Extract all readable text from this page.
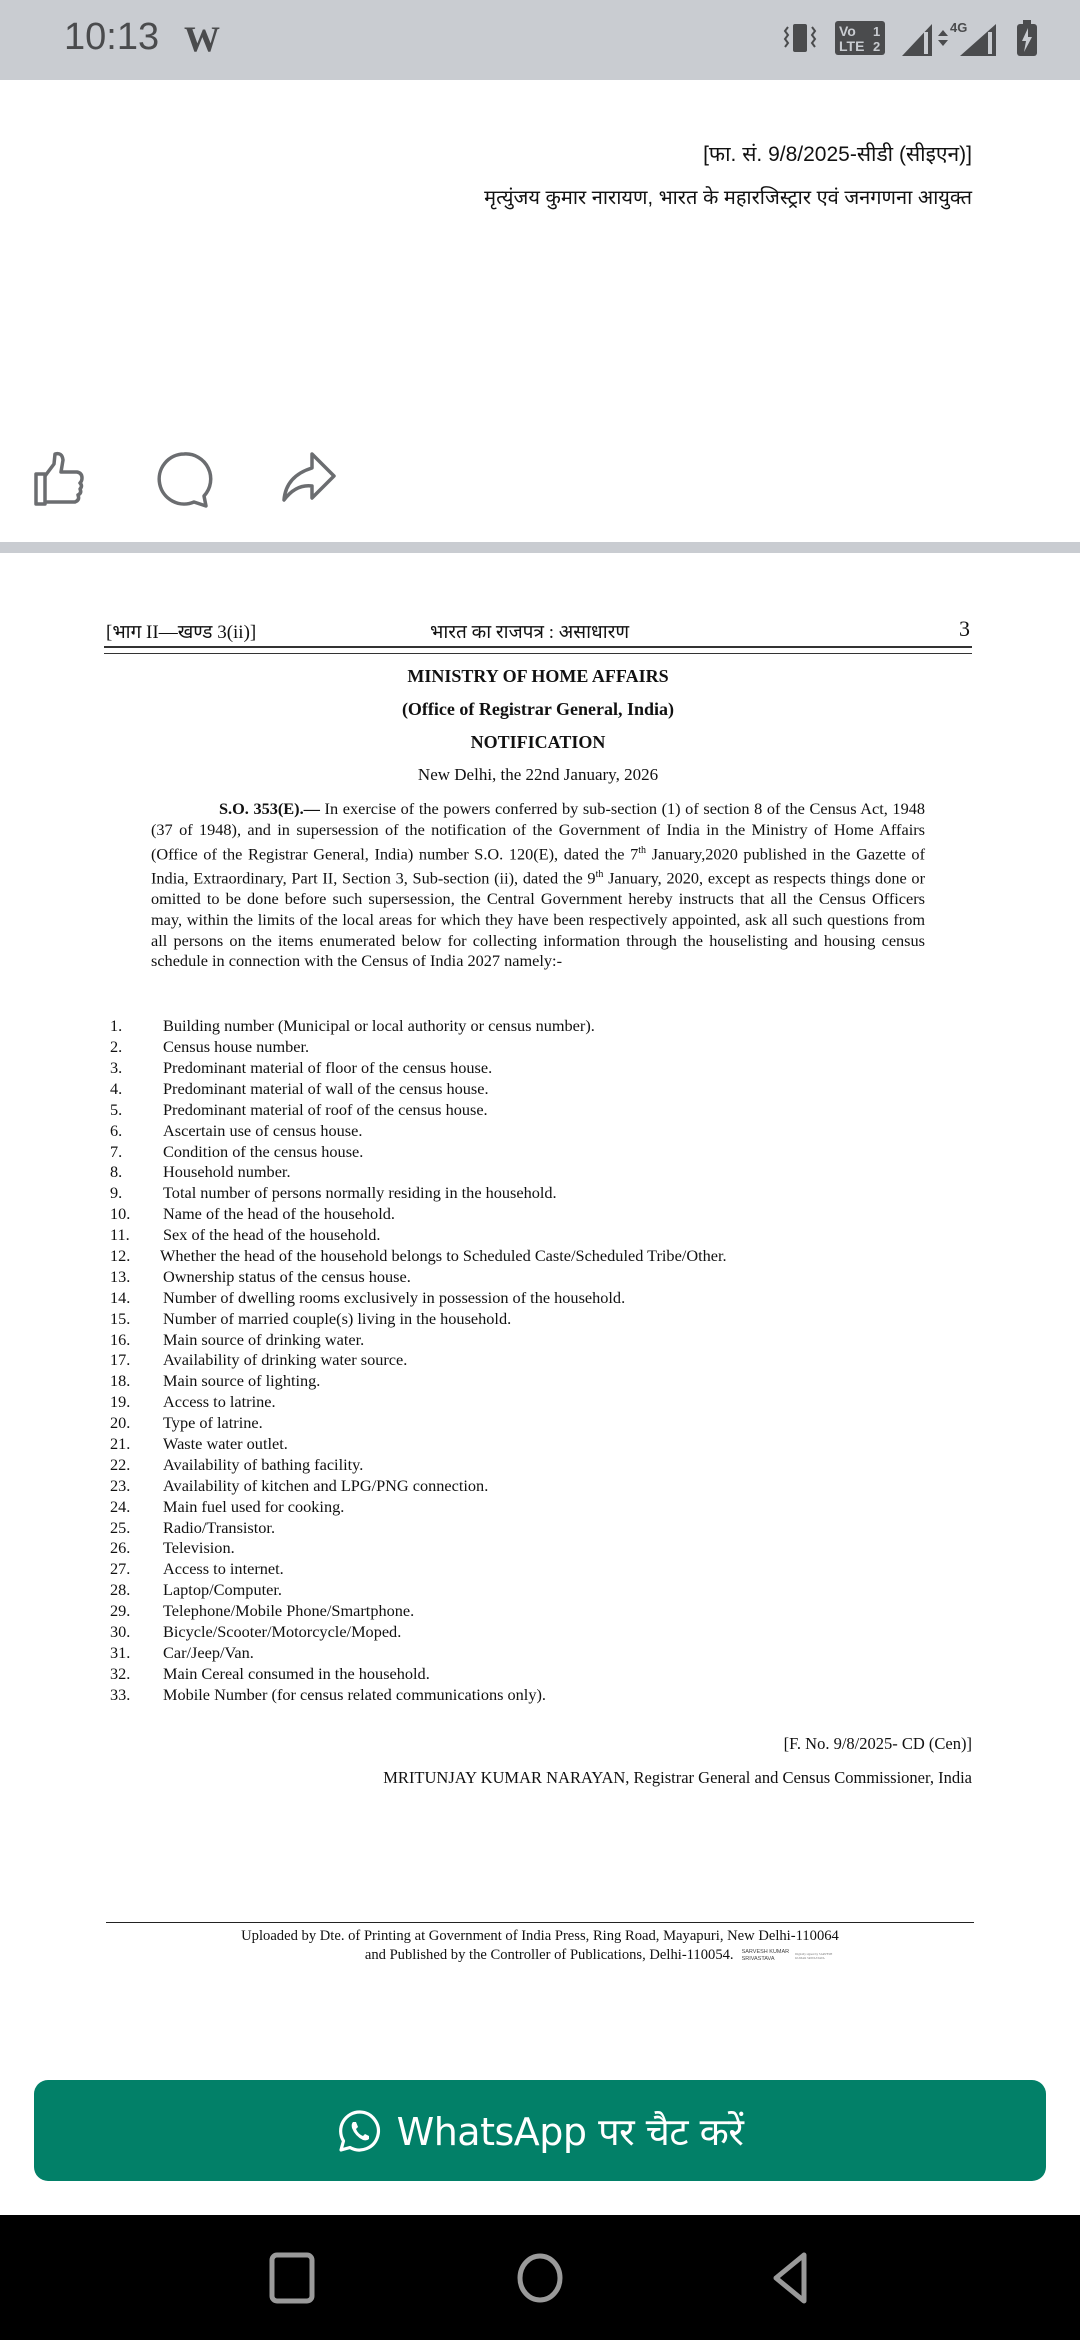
10:13 W	Vo 1
LTE 2
4G
[फा. सं. 9/8/2025-सीडी (सीइएन)]
मृत्युंजय कुमार नारायण, भारत के महारजिस्ट्रार एवं जनगणना आयुक्त
[भाग II—खण्ड 3(ii)]	भारत का राजपत्र : असाधारण	3
MINISTRY OF HOME AFFAIRS
(Office of Registrar General, India)
NOTIFICATION
New Delhi, the 22nd January, 2026
S.O. 353(E).— In exercise of the powers conferred by sub-section (1) of section 8 of the Census Act, 1948 (37 of 1948), and in supersession of the notification of the Government of India in the Ministry of Home Affairs (Office of the Registrar General, India) number S.O. 120(E), dated the 7th January,2020 published in the Gazette of India, Extraordinary, Part II, Section 3, Sub-section (ii), dated the 9th January, 2020, except as respects things done or omitted to be done before such supersession, the Central Government hereby instructs that all the Census Officers may, within the limits of the local areas for which they have been respectively appointed, ask all such questions from all persons on the items enumerated below for collecting information through the houselisting and housing census schedule in connection with the Census of India 2027 namely:-
1.	Building number (Municipal or local authority or census number).
2.	Census house number.
3.	Predominant material of floor of the census house.
4.	Predominant material of wall of the census house.
5.	Predominant material of roof of the census house.
6.	Ascertain use of census house.
7.	Condition of the census house.
8.	Household number.
9.	Total number of persons normally residing in the household.
10. Name of the head of the household.
11. Sex of the head of the household.
12. Whether the head of the household belongs to Scheduled Caste/Scheduled Tribe/Other.
13. Ownership status of the census house.
14. Number of dwelling rooms exclusively in possession of the household.
15. Number of married couple(s) living in the household.
16. Main source of drinking water.
17. Availability of drinking water source.
18. Main source of lighting.
19. Access to latrine.
20. Type of latrine.
21. Waste water outlet.
22. Availability of bathing facility.
23. Availability of kitchen and LPG/PNG connection.
24. Main fuel used for cooking.
25. Radio/Transistor.
26. Television.
27. Access to internet.
28. Laptop/Computer.
29. Telephone/Mobile Phone/Smartphone.
30. Bicycle/Scooter/Motorcycle/Moped.
31. Car/Jeep/Van.
32. Main Cereal consumed in the household.
33. Mobile Number (for census related communications only).
[F. No. 9/8/2025- CD (Cen)]
MRITUNJAY KUMAR NARAYAN, Registrar General and Census Commissioner, India
Uploaded by Dte. of Printing at Government of India Press, Ring Road, Mayapuri, New Delhi-110064
and Published by the Controller of Publications, Delhi-110054. SARVESH KUMAR
SRIVASTAVADigitally signed by SARVESH KUMAR SRIVASTAVA
WhatsApp पर चैट करें
